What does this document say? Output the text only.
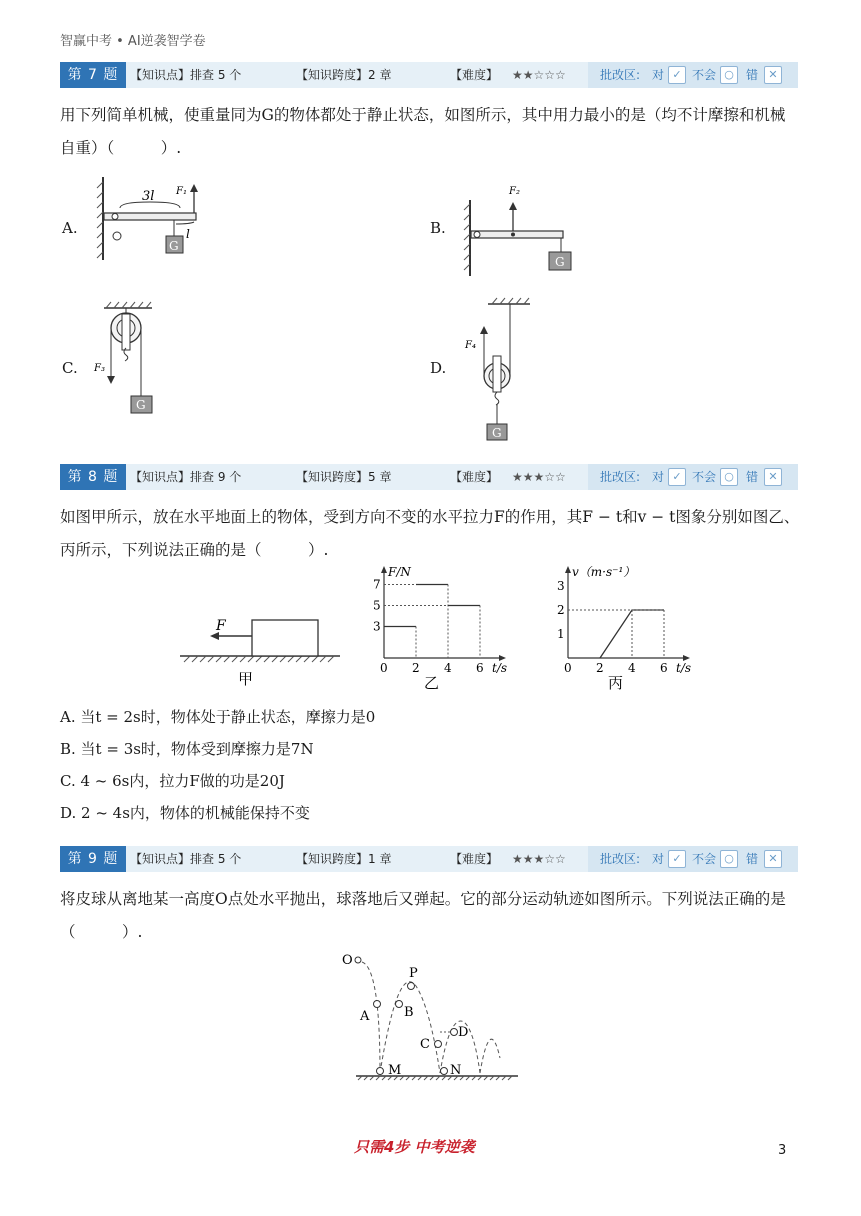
智赢中考 • AI逆袭智学卷
第 7 题 【知识点】排查 5 个	【知识跨度】2 章	【难度】 ★★☆☆☆	批改区: 对 ✓ 不会 ○	错 ✕
用下列简单机械，使重量同为G的物体都处于静止状态，如图所示，其中用力最小的是（均不计摩擦和机械自重）（　　　）.
A.	B.
C.	D.
3l F₁
l
G
F₂
G
F₃
G
F₄
G
第 8 题 【知识点】排查 9 个	【知识跨度】5 章	【难度】 ★★★☆☆	批改区: 对 ✓ 不会 ○	错 ✕
如图甲所示，放在水平地面上的物体，受到方向不变的水平拉力F的作用，其F − t和v − t图象分别如图乙、丙所示，下列说法正确的是（　　　）.
F
甲
F/N
t/s
0 2 4 6
3
5
7
乙
v（m·s⁻¹）
t/s
0 2 4 6
1
2
3
丙
A. 当t = 2s时，物体处于静止状态，摩擦力是0
B. 当t = 3s时，物体受到摩擦力是7N
C. 4 ~ 6s内，拉力F做的功是20J
D. 2 ~ 4s内，物体的机械能保持不变
第 9 题 【知识点】排查 5 个	【知识跨度】1 章	【难度】 ★★★☆☆	批改区: 对 ✓ 不会 ○	错 ✕
将皮球从离地某一高度O点处水平抛出，球落地后又弹起。它的部分运动轨迹如图所示。下列说法正确的是（　　　）.
O
A	B
P
C
D
M	N
只需4步 中考逆袭	3
